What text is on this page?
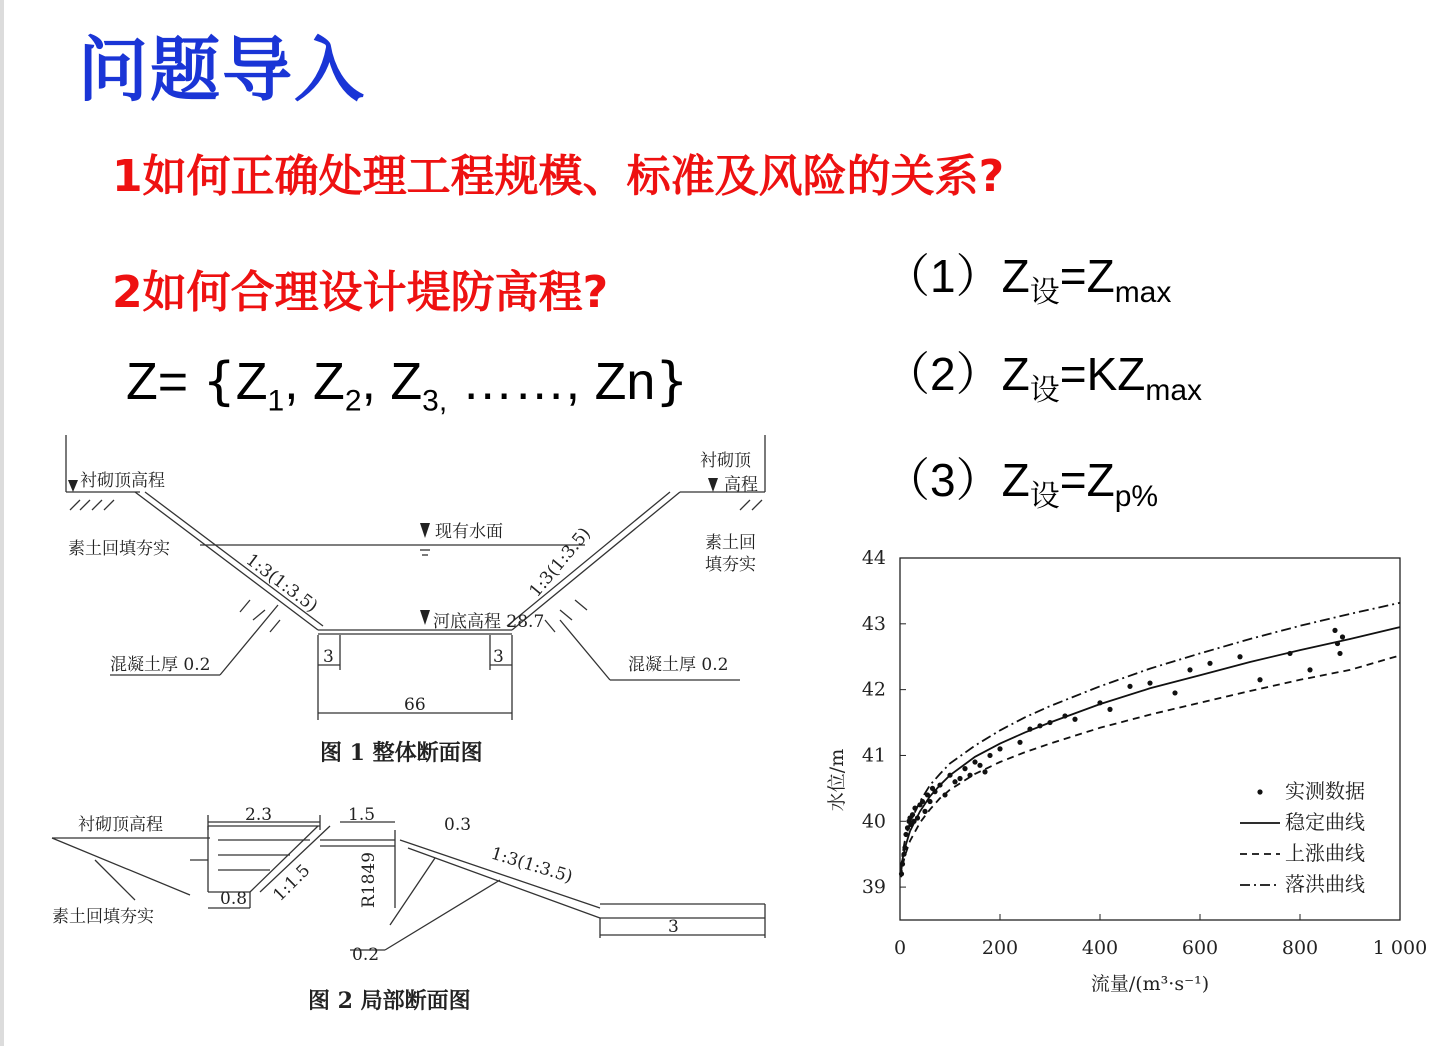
问题导入
1如何正确处理工程规模、标准及风险的关系?
2如何合理设计堤防高程?
$Z= \{Z_1$, $Z_2$, $Z_{3,}$ ……, Zn}
$(1)Z_设=Z_{max}$
$(2)Z_设=KZ_{max}$
$(3)Z_设=Z_{p\%}$
衬砌顶高程
衬砌顶
高程
素土回填夯实	素土回
填夯实
现有水面
河底高程 28.7
混凝土厚 0.2	混凝土厚 0.2
3	3
66
1:3(1:3.5)	1:3(1:3.5)
图 1 整体断面图
衬砌顶高程
素土回填夯实
2.3	1.5	0.3
0.8
0.2
3
1:3(1:3.5)
1:1.5	R1849
图 2 局部断面图
0	200	400	600	800	1 000
39
40
41
42
43
44
实测数据
稳定曲线
上涨曲线
落洪曲线
水位/m
流量/(m³·s⁻¹)
